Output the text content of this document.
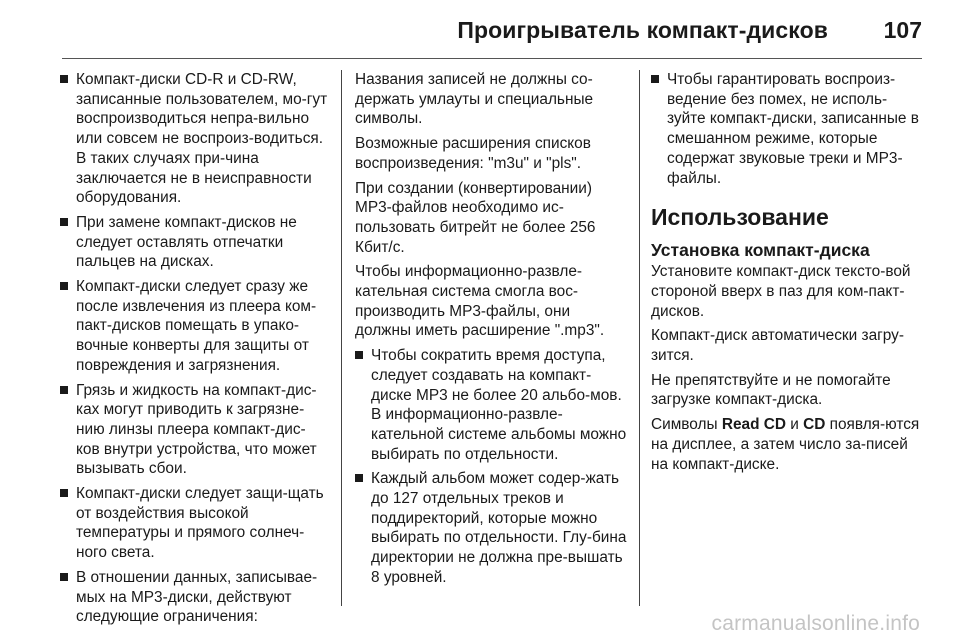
Проигрыватель компакт-дисков 107
Компакт-диски CD-R и CD-RW, записанные пользователем, мо-гут воспроизводиться непра-вильно или совсем не воспроиз-водиться. В таких случаях при-чина заключается не в неисправности оборудования.
При замене компакт-дисков не следует оставлять отпечатки пальцев на дисках.
Компакт-диски следует сразу же после извлечения из плеера ком-пакт-дисков помещать в упако-вочные конверты для защиты от повреждения и загрязнения.
Грязь и жидкость на компакт-дис-ках могут приводить к загрязне-нию линзы плеера компакт-дис-ков внутри устройства, что может вызывать сбои.
Компакт-диски следует защи-щать от воздействия высокой температуры и прямого солнеч-ного света.
В отношении данных, записывае-мых на MP3-диски, действуют следующие ограничения:

Названия записей не должны со-держать умлауты и специальные символы.

Возможные расширения списков воспроизведения: "m3u" и "pls".

При создании (конвертировании) MP3-файлов необходимо ис-пользовать битрейт не более 256 Кбит/с.

Чтобы информационно-развле-кательная система смогла вос-производить MP3-файлы, они должны иметь расширение ".mp3".

Чтобы сократить время доступа, следует создавать на компакт-диске MP3 не более 20 альбо-мов. В информационно-развле-кательной системе альбомы можно выбирать по отдельности.
Каждый альбом может содер-жать до 127 отдельных треков и поддиректорий, которые можно выбирать по отдельности. Глу-бина директории не должна пре-вышать 8 уровней.
Чтобы гарантировать воспроиз-ведение без помех, не исполь-зуйте компакт-диски, записанные в смешанном режиме, которые содержат звуковые треки и MP3-файлы.
Использование
Установка компакт-диска

Установите компакт-диск тексто-вой стороной вверх в паз для ком-пакт-дисков.

Компакт-диск автоматически загру-зится.

Не препятствуйте и не помогайте загрузке компакт-диска.

Символы Read CD и CD появля-ются на дисплее, а затем число за-писей на компакт-диске.

carmanualsonline.info
